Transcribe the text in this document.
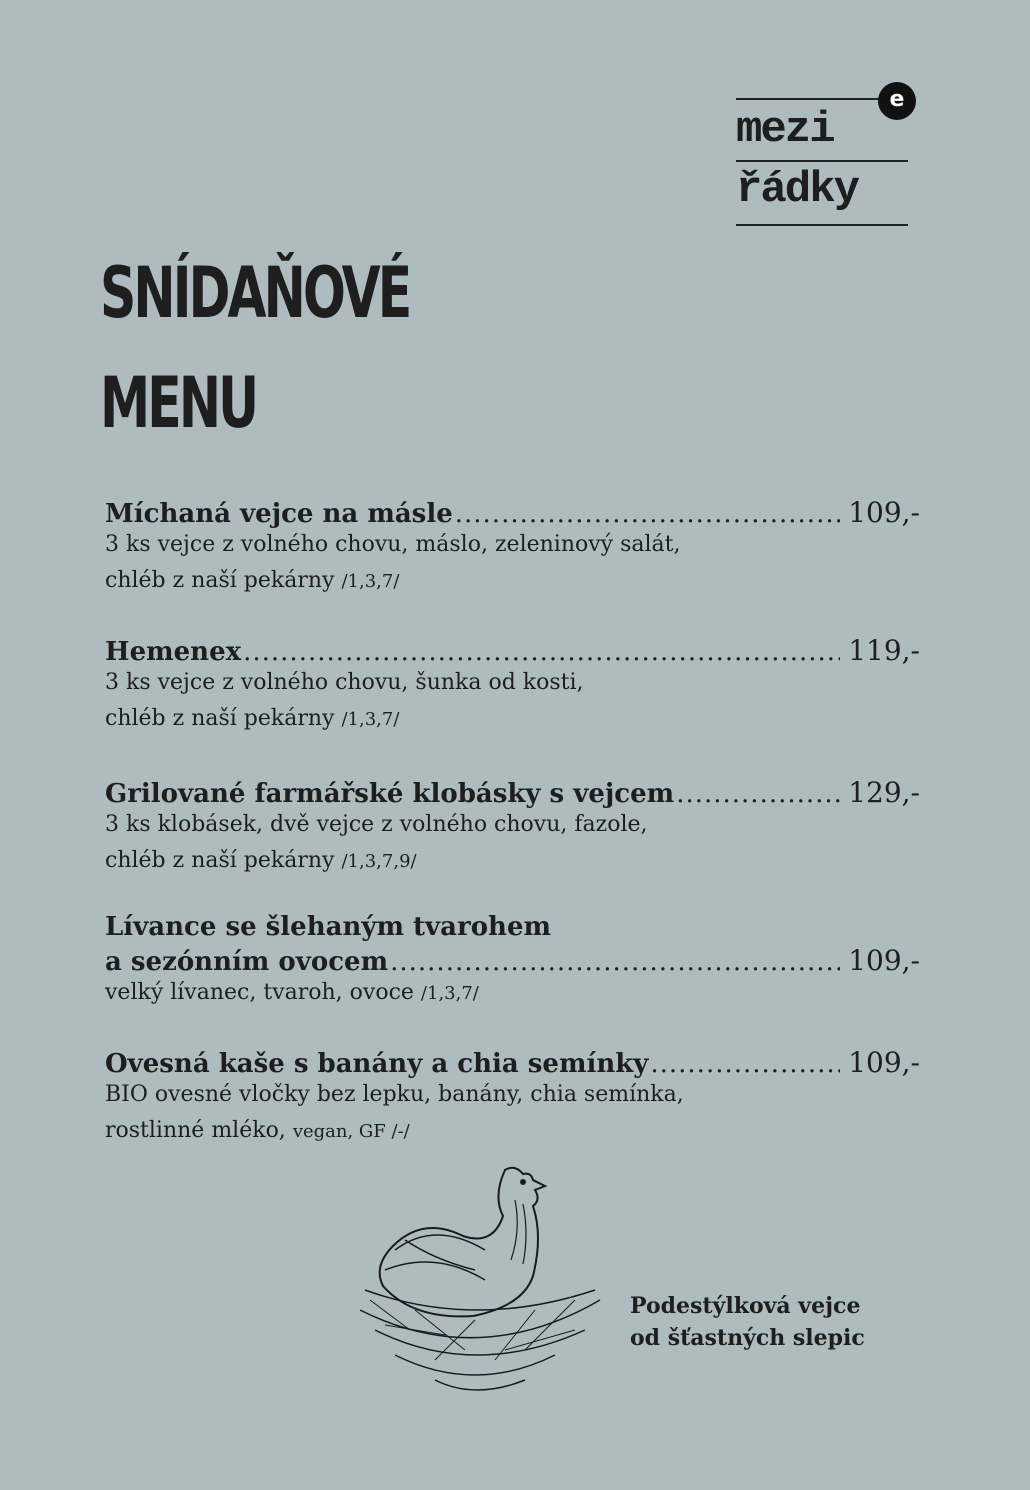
e
mezi
řádky
SNÍDAŇOVÉ
MENU
Míchaná vejce na másle .....	109,-
3 ks vejce z volného chovu, máslo, zeleninový salát,
chléb z naší pekárny /1,3,7/
Hemenex .....	119,-
3 ks vejce z volného chovu, šunka od kosti,
chléb z naší pekárny /1,3,7/
Grilované farmářské klobásky s vejcem .....	129,-
3 ks klobásek, dvě vejce z volného chovu, fazole,
chléb z naší pekárny /1,3,7,9/
Lívance se šlehaným tvarohem
a sezónním ovocem .....	109,-
velký lívanec, tvaroh, ovoce /1,3,7/
Ovesná kaše s banány a chia semínky .....	109,-
BIO ovesné vločky bez lepku, banány, chia semínka,
rostlinné mléko, vegan, GF /-/
Podestýlková vejce
od šťastných slepic
